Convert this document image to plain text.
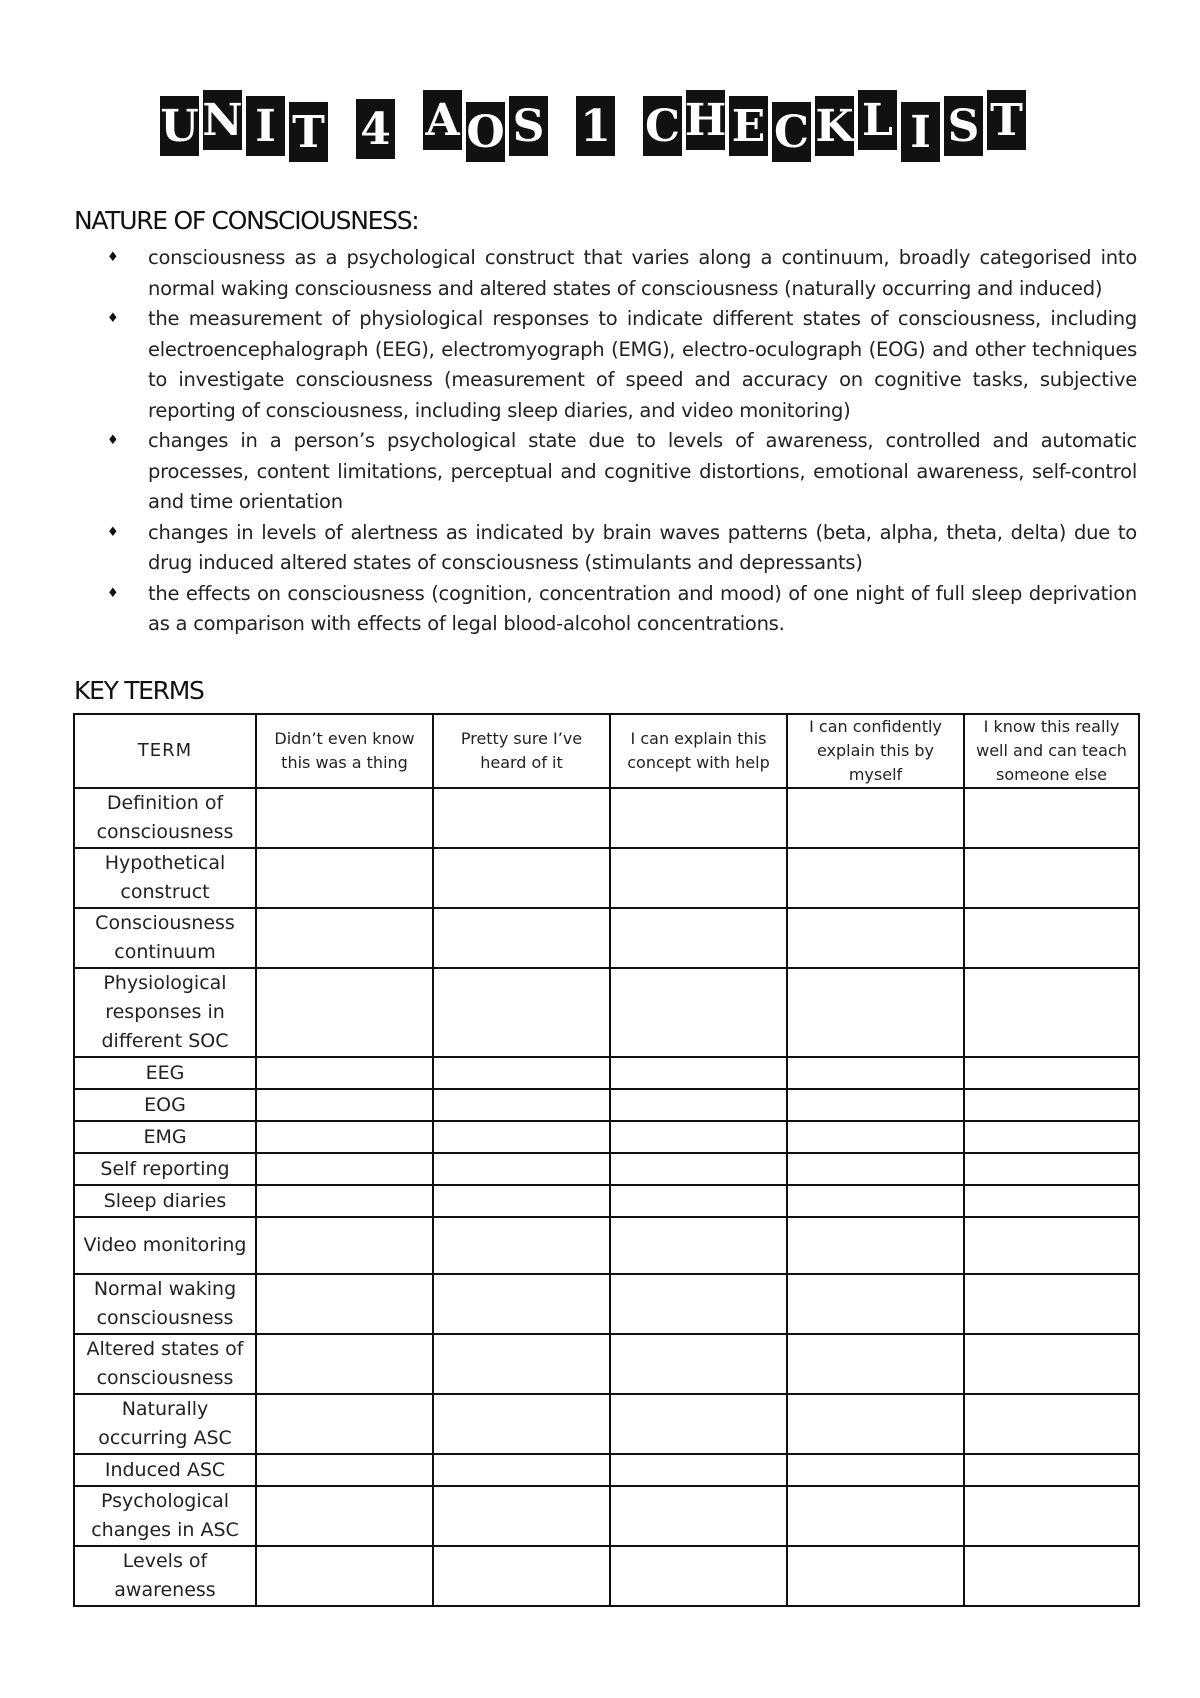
U N I T 4 A O S 1 C H E C K L I S T
NATURE OF CONSCIOUSNESS:
♦ consciousness as a psychological construct that varies along a continuum, broadly categorised into normal waking consciousness and altered states of consciousness (naturally occurring and induced)
♦ the measurement of physiological responses to indicate different states of consciousness, including electroencephalograph (EEG), electromyograph (EMG), electro-oculograph (EOG) and other techniques to investigate consciousness (measurement of speed and accuracy on cognitive tasks, subjective reporting of consciousness, including sleep diaries, and video monitoring)
♦ changes in a person’s psychological state due to levels of awareness, controlled and automatic processes, content limitations, perceptual and cognitive distortions, emotional awareness, self-control and time orientation
♦ changes in levels of alertness as indicated by brain waves patterns (beta, alpha, theta, delta) due to drug induced altered states of consciousness (stimulants and depressants)
♦ the effects on consciousness (cognition, concentration and mood) of one night of full sleep deprivation as a comparison with effects of legal blood-alcohol concentrations.
KEY TERMS
TERM	Didn’t even know this was a thing	Pretty sure I’ve heard of it	I can explain this concept with help	I can confidently explain this by myself	I know this really well and can teach someone else
Definition of consciousness					
Hypothetical construct					
Consciousness continuum					
Physiological responses in different SOC					
EEG					
EOG					
EMG					
Self reporting					
Sleep diaries					
Video monitoring					
Normal waking consciousness					
Altered states of consciousness					
Naturally occurring ASC					
Induced ASC					
Psychological changes in ASC					
Levels of awareness					
